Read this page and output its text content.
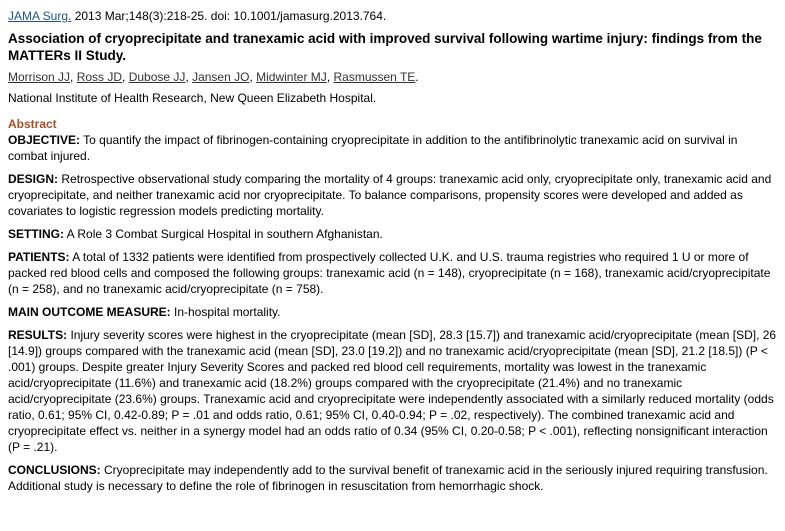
JAMA Surg. 2013 Mar;148(3):218-25. doi: 10.1001/jamasurg.2013.764.
Association of cryoprecipitate and tranexamic acid with improved survival following wartime injury: findings from the MATTERs II Study.
Morrison JJ, Ross JD, Dubose JJ, Jansen JO, Midwinter MJ, Rasmussen TE.
National Institute of Health Research, New Queen Elizabeth Hospital.
Abstract
OBJECTIVE: To quantify the impact of fibrinogen-containing cryoprecipitate in addition to the antifibrinolytic tranexamic acid on survival in combat injured.
DESIGN: Retrospective observational study comparing the mortality of 4 groups: tranexamic acid only, cryoprecipitate only, tranexamic acid and cryoprecipitate, and neither tranexamic acid nor cryoprecipitate. To balance comparisons, propensity scores were developed and added as covariates to logistic regression models predicting mortality.
SETTING: A Role 3 Combat Surgical Hospital in southern Afghanistan.
PATIENTS: A total of 1332 patients were identified from prospectively collected U.K. and U.S. trauma registries who required 1 U or more of packed red blood cells and composed the following groups: tranexamic acid (n = 148), cryoprecipitate (n = 168), tranexamic acid/cryoprecipitate (n = 258), and no tranexamic acid/cryoprecipitate (n = 758).
MAIN OUTCOME MEASURE: In-hospital mortality.
RESULTS: Injury severity scores were highest in the cryoprecipitate (mean [SD], 28.3 [15.7]) and tranexamic acid/cryoprecipitate (mean [SD], 26 [14.9]) groups compared with the tranexamic acid (mean [SD], 23.0 [19.2]) and no tranexamic acid/cryoprecipitate (mean [SD], 21.2 [18.5]) (P < .001) groups. Despite greater Injury Severity Scores and packed red blood cell requirements, mortality was lowest in the tranexamic acid/cryoprecipitate (11.6%) and tranexamic acid (18.2%) groups compared with the cryoprecipitate (21.4%) and no tranexamic acid/cryoprecipitate (23.6%) groups. Tranexamic acid and cryoprecipitate were independently associated with a similarly reduced mortality (odds ratio, 0.61; 95% CI, 0.42-0.89; P = .01 and odds ratio, 0.61; 95% CI, 0.40-0.94; P = .02, respectively). The combined tranexamic acid and cryoprecipitate effect vs. neither in a synergy model had an odds ratio of 0.34 (95% CI, 0.20-0.58; P < .001), reflecting nonsignificant interaction (P = .21).
CONCLUSIONS: Cryoprecipitate may independently add to the survival benefit of tranexamic acid in the seriously injured requiring transfusion. Additional study is necessary to define the role of fibrinogen in resuscitation from hemorrhagic shock.
